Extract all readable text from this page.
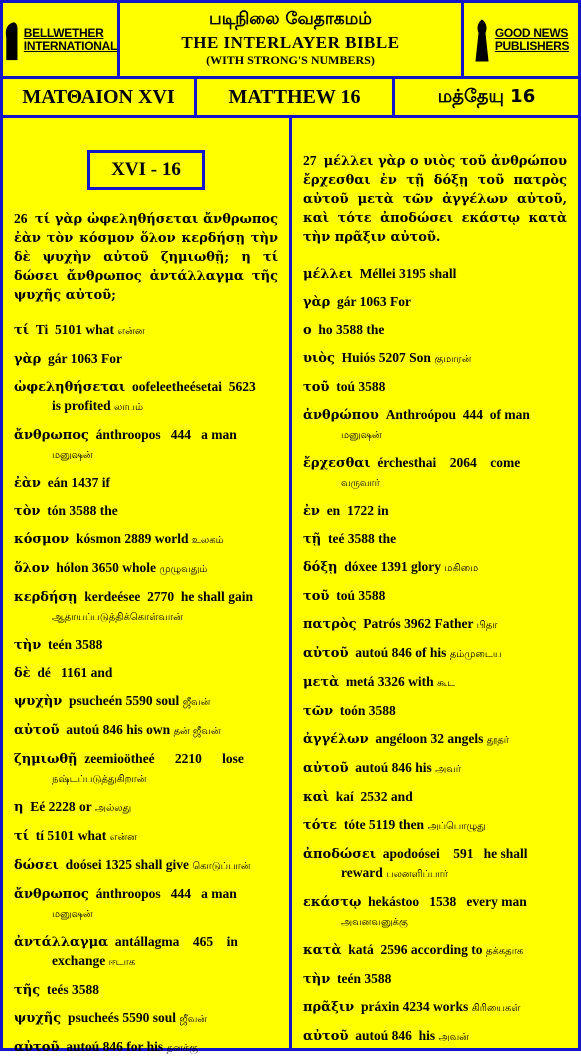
BELLWETHER
INTERNATIONAL
படிநிலை வேதாகமம்
THE INTERLAYER BIBLE
(WITH STRONG'S NUMBERS)
GOOD NEWS
PUBLISHERS
ΜΑΤΘΑΙΟΝ XVI	MATTHEW 16	மத்தேயு 16
XVI - 16

26 τί γὰρ ὠφεληθήσεται ἄνθρωπος ἐὰν τὸν κόσμον ὅλον κερδήσῃ τὴν δὲ ψυχὴν αὐτοῦ ζημιωθῇ; η τί δώσει ἄνθρωπος ἀντάλλαγμα τῆς ψυχῆς αὐτοῦ;

τί Ti  5101 what என்ன
γὰρ gár 1063 For
ὠφεληθήσεται oofeleetheésetai  5623
is profited லாபம்
ἄνθρωπος ánthroopos   444   a man
மனுஷன்
ἐὰν eán 1437 if
τὸν tón 3588 the
κόσμον kósmon 2889 world உலகம்
ὅλον hólon 3650 whole முழுவதும்
κερδήσῃ kerdeésee  2770  he shall gain
ஆதாயப்படுத்திக்கொள்வான்
τὴν teén 3588
δὲ dé   1161 and
ψυχὴν psucheén 5590 soul ஜீவன்
αὐτοῦ autoú 846 his own தன் ஜீவன்
ζημιωθῇ zeemioötheé      2210      lose
நஷ்டப்படுத்துகிறான்
η Eé 2228 or அல்லது
τί tí 5101 what என்ன
δώσει doósei 1325 shall give கொடுப்பான்
ἄνθρωπος ánthroopos   444   a man
மனுஷன்
ἀντάλλαγμα antállagma    465    in
exchange ஈடாக
τῆς teés 3588
ψυχῆς psucheés 5590 soul ஜீவன்
αὐτοῦ autoú 846 for his தனக்கு

27 μέλλει γὰρ ο υιὸς τοῦ ἀνθρώπου ἔρχεσθαι ἐν τῇ δόξῃ τοῦ πατρὸς αὐτοῦ μετὰ τῶν ἀγγέλων αὐτοῦ, καὶ τότε ἀποδώσει εκάστῳ κατὰ τὴν πρᾶξιν αὐτοῦ.

μέλλει Méllei 3195 shall
γὰρ gár 1063 For
ο ho 3588 the
υιὸς Huiós 5207 Son குமாரன்
τοῦ toú 3588
ἀνθρώπου Anthroópou  444  of man
மனுஷன்
ἔρχεσθαι érchesthai    2064    come
வருவார்
ἐν en  1722 in
τῇ teé 3588 the
δόξῃ dóxee 1391 glory மகிமை
τοῦ toú 3588
πατρὸς Patrós 3962 Father பிதா
αὐτοῦ autoú 846 of his தம்முடைய
μετὰ metá 3326 with கூட
τῶν toón 3588
ἀγγέλων angéloon 32 angels தூதர்
αὐτοῦ autoú 846 his அவர்
καὶ kaí  2532 and
τότε tóte 5119 then அப்பொழுது
ἀποδώσει apodoósei    591   he shall
reward பலனளிப்பார்
εκάστῳ hekástoo   1538   every man
அவனவனுக்கு
κατὰ katá  2596 according to தக்கதாக
τὴν teén 3588
πρᾶξιν práxin 4234 works கிரியைகள்
αὐτοῦ autoú 846  his அவன்
